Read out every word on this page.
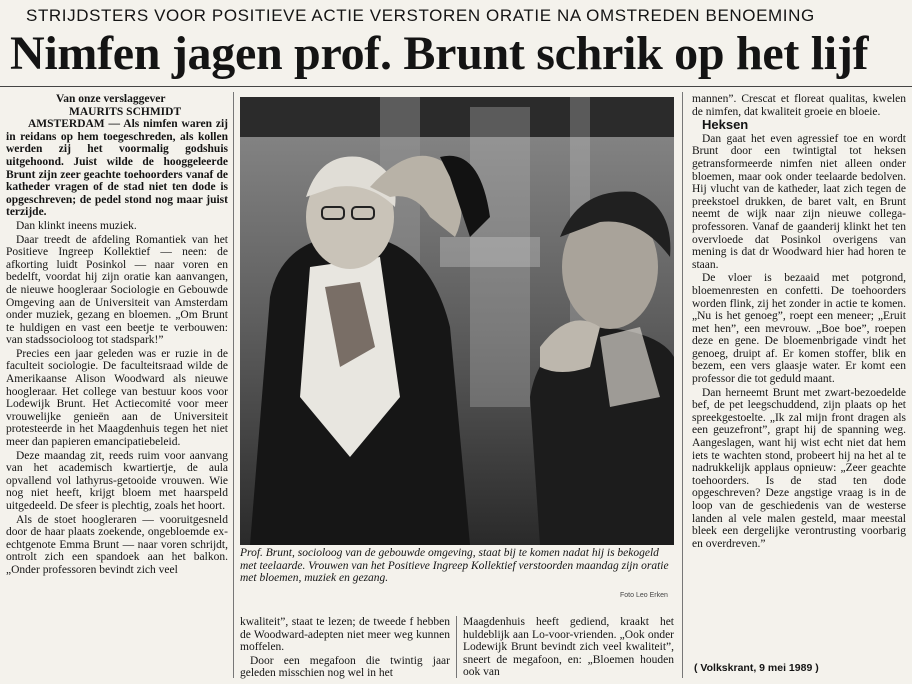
STRIJDSTERS VOOR POSITIEVE ACTIE VERSTOREN ORATIE NA OMSTREDEN BENOEMING
Nimfen jagen prof. Brunt schrik op het lijf
Van onze verslaggever
MAURITS SCHMIDT

AMSTERDAM — Als nimfen waren zij in reidans op hem toegeschreden, als kollen werden zij het voormalig godshuis uitgehoond. Juist wilde de hooggeleerde Brunt zijn zeer geachte toehoorders vanaf de katheder vragen of de stad niet ten dode is opgeschreven; de pedel stond nog maar juist terzijde.

Dan klinkt ineens muziek.

Daar treedt de afdeling Romantiek van het Positieve Ingreep Kollektief — neen: de afkorting luidt Posinkol — naar voren en bedelft, voordat hij zijn oratie kan aanvangen, de nieuwe hoogleraar Sociologie en Gebouwde Omgeving aan de Universiteit van Amsterdam onder muziek, gezang en bloemen. „Om Brunt te huldigen en vast een beetje te verbouwen: van stadssocioloog tot stadspark!”

Precies een jaar geleden was er ruzie in de faculteit sociologie. De faculteitsraad wilde de Amerikaanse Alison Woodward als nieuwe hoogleraar. Het college van bestuur koos voor Lodewijk Brunt. Het Actiecomité voor meer vrouwelijke genieën aan de Universiteit protesteerde in het Maagdenhuis tegen het niet meer dan papieren emancipatiebeleid.

Deze maandag zit, reeds ruim voor aanvang van het academisch kwartiertje, de aula opvallend vol lathyrus-getooide vrouwen. Wie nog niet heeft, krijgt bloem met haarspeld uitgedeeld. De sfeer is plechtig, zoals het hoort.

Als de stoet hoogleraren — vooruitgesneld door de haar plaats zoekende, ongebloemde ex-echtgenote Emma Brunt — naar voren schrijdt, ontrolt zich een spandoek aan het balkon. „Onder professoren bevindt zich veel

Prof. Brunt, socioloog van de gebouwde omgeving, staat bij te komen nadat hij is bekogeld met teelaarde. Vrouwen van het Positieve Ingreep Kollektief verstoorden maandag zijn oratie met bloemen, muziek en gezang.
Foto Leo Erken

kwaliteit”, staat te lezen; de tweede f hebben de Woodward-adepten niet meer weg kunnen moffelen.

Door een megafoon die twintig jaar geleden misschien nog wel in het

Maagdenhuis heeft gediend, kraakt het huldeblijk aan Lo-voor-vrienden. „Ook onder Lodewijk Brunt bevindt zich veel kwaliteit”, sneert de megafoon, en: „Bloemen houden ook van

mannen”. Crescat et floreat qualitas, kwelen de nimfen, dat kwaliteit groeie en bloeie.

Heksen

Dan gaat het even agressief toe en wordt Brunt door een twintigtal tot heksen getransformeerde nimfen niet alleen onder bloemen, maar ook onder teelaarde bedolven. Hij vlucht van de katheder, laat zich tegen de preekstoel drukken, de baret valt, en Brunt neemt de wijk naar zijn nieuwe collega-professoren. Vanaf de gaanderij klinkt het ten overvloede dat Posinkol overigens van mening is dat dr Woodward hier had horen te staan.

De vloer is bezaaid met potgrond, bloemenresten en confetti. De toehoorders worden flink, zij het zonder in actie te komen. „Nu is het genoeg”, roept een meneer; „Eruit met hen”, een mevrouw. „Boe boe”, roepen deze en gene. De bloemenbrigade vindt het genoeg, druipt af. Er komen stoffer, blik en bezem, een vers glaasje water. Er komt een professor die tot geduld maant.

Dan herneemt Brunt met zwart-bezoedelde bef, de pet leegschuddend, zijn plaats op het spreekgestoelte. „Ik zal mijn front dragen als een geuzefront”, grapt hij de spanning weg. Aangeslagen, want hij wist echt niet dat hem iets te wachten stond, probeert hij na het al te nadrukkelijk applaus opnieuw: „Zeer geachte toehoorders. Is de stad ten dode opgeschreven? Deze angstige vraag is in de loop van de geschiedenis van de westerse landen al vele malen gesteld, maar meestal bleek een dergelijke verontrusting voorbarig en overdreven.”

( Volkskrant, 9 mei 1989 )
